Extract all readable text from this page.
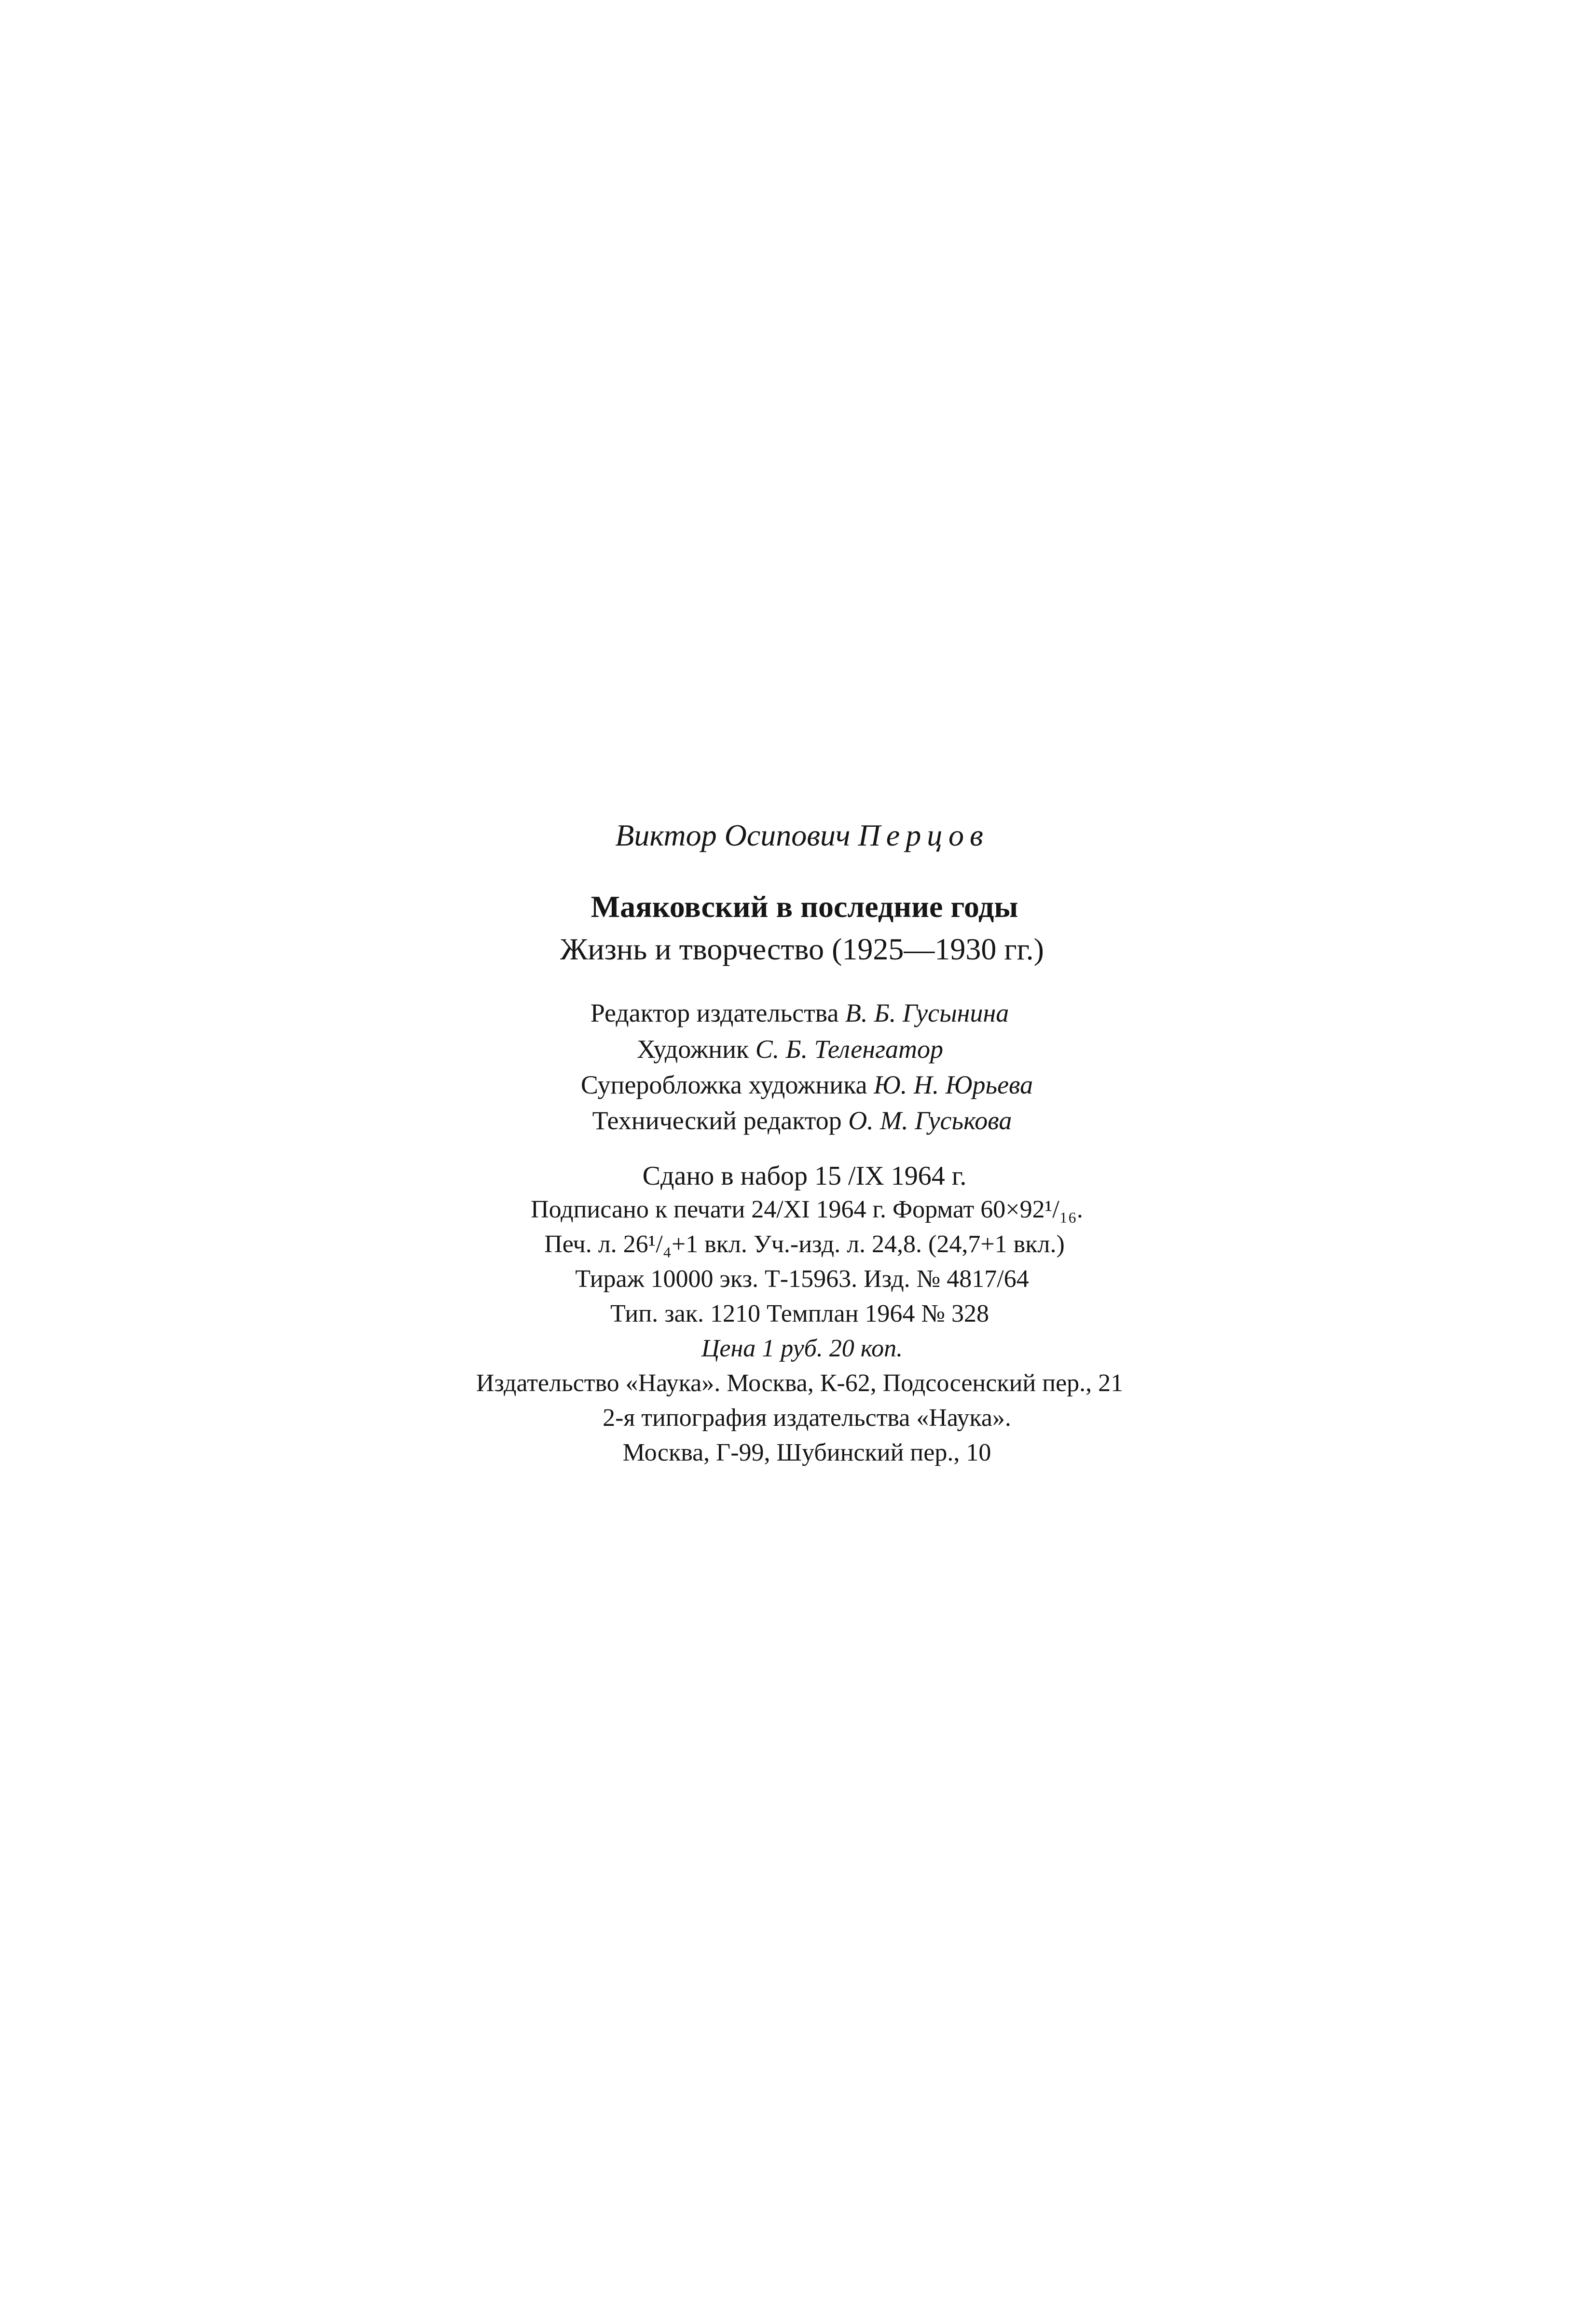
Виктор Осипович Перцов
Маяковский в последние годы
Жизнь и творчество (1925—1930 гг.)
Редактор издательства В. Б. Гусынина
Художник С. Б. Теленгатор
Суперобложка художника Ю. Н. Юрьева
Технический редактор О. М. Гуськова
Сдано в набор 15 /IX 1964 г.
Подписано к печати 24/XI 1964 г. Формат 60×92¹/₁₆.
Печ. л. 26¹/₄+1 вкл. Уч.-изд. л. 24,8. (24,7+1 вкл.)
Тираж 10000 экз. Т-15963. Изд. № 4817/64
Тип. зак. 1210 Темплан 1964 № 328
Цена 1 руб. 20 коп.
Издательство «Наука». Москва, К-62, Подсосенский пер., 21
2-я типография издательства «Наука».
Москва, Г-99, Шубинский пер., 10
